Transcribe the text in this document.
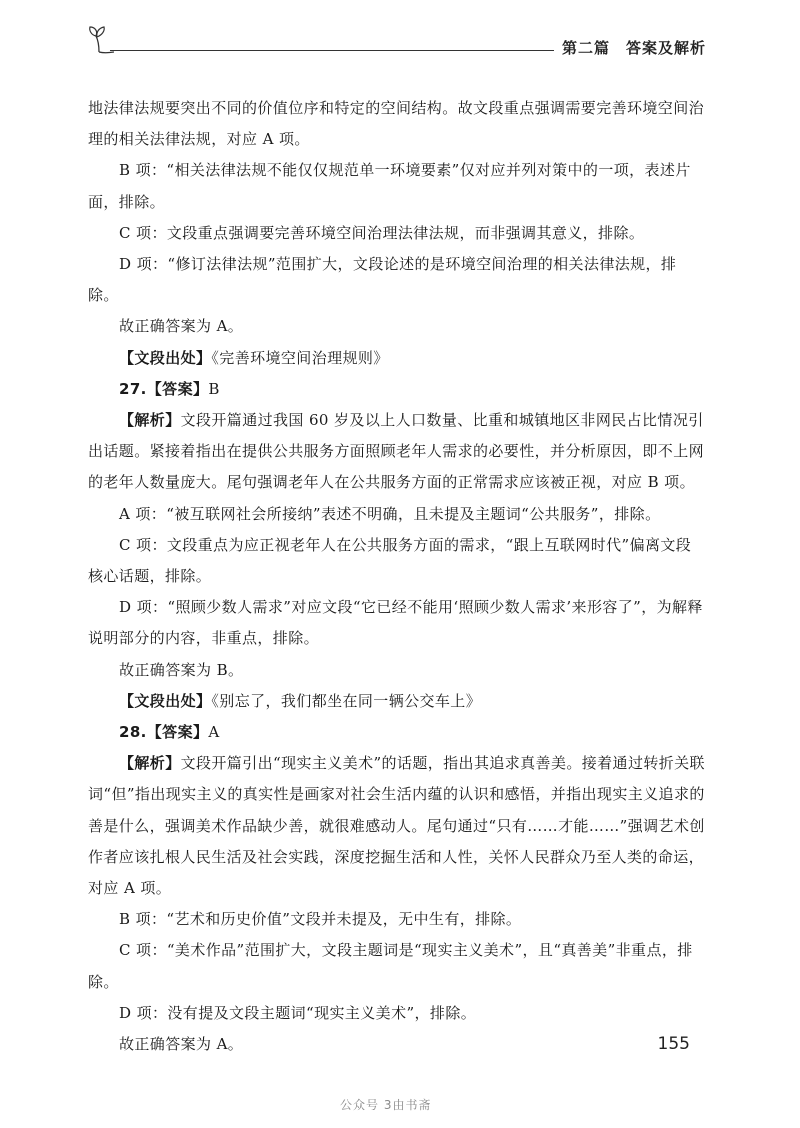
第二篇　答案及解析

地法律法规要突出不同的价值位序和特定的空间结构。故文段重点强调需要完善环境空间治理的相关法律法规，对应 A 项。

B 项：“相关法律法规不能仅仅规范单一环境要素”仅对应并列对策中的一项，表述片面，排除。

C 项：文段重点强调要完善环境空间治理法律法规，而非强调其意义，排除。

D 项：“修订法律法规”范围扩大，文段论述的是环境空间治理的相关法律法规，排除。

故正确答案为 A。

【文段出处】《完善环境空间治理规则》

27.【答案】B

【解析】文段开篇通过我国 60 岁及以上人口数量、比重和城镇地区非网民占比情况引出话题。紧接着指出在提供公共服务方面照顾老年人需求的必要性，并分析原因，即不上网的老年人数量庞大。尾句强调老年人在公共服务方面的正常需求应该被正视，对应 B 项。

A 项：“被互联网社会所接纳”表述不明确，且未提及主题词“公共服务”，排除。

C 项：文段重点为应正视老年人在公共服务方面的需求，“跟上互联网时代”偏离文段核心话题，排除。

D 项：“照顾少数人需求”对应文段“它已经不能用‘照顾少数人需求’来形容了”，为解释说明部分的内容，非重点，排除。

故正确答案为 B。

【文段出处】《别忘了，我们都坐在同一辆公交车上》

28.【答案】A

【解析】文段开篇引出“现实主义美术”的话题，指出其追求真善美。接着通过转折关联词“但”指出现实主义的真实性是画家对社会生活内蕴的认识和感悟，并指出现实主义追求的善是什么，强调美术作品缺少善，就很难感动人。尾句通过“只有……才能……”强调艺术创作者应该扎根人民生活及社会实践，深度挖掘生活和人性，关怀人民群众乃至人类的命运，对应 A 项。

B 项：“艺术和历史价值”文段并未提及，无中生有，排除。

C 项：“美术作品”范围扩大，文段主题词是“现实主义美术”，且“真善美”非重点，排除。

D 项：没有提及文段主题词“现实主义美术”，排除。

故正确答案为 A。	155
公众号 3由书斋
